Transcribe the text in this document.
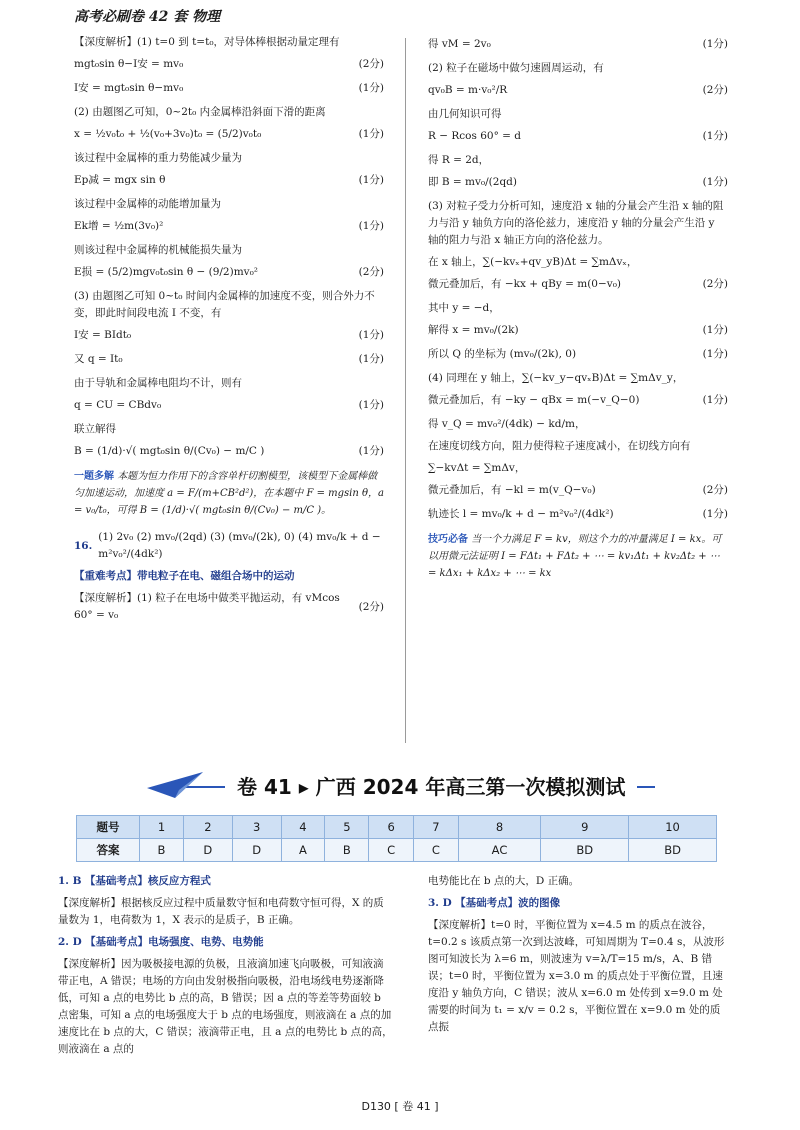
高考必刷卷 42 套 物理
【深度解析】(1) t=0 到 t=t₀，对导体棒根据动量定理有
mgt₀sin θ−I安 = mv₀	(2分)
I安 = mgt₀sin θ−mv₀	(1分)
(2) 由题图乙可知，0~2t₀ 内金属棒沿斜面下滑的距离
x = ½v₀t₀ + ½(v₀+3v₀)t₀ = (5/2)v₀t₀	(1分)
该过程中金属棒的重力势能减少量为
Ep减 = mgx sin θ	(1分)
该过程中金属棒的动能增加量为
Ek增 = ½m(3v₀)²	(1分)
则该过程中金属棒的机械能损失量为
E损 = (5/2)mgv₀t₀sin θ − (9/2)mv₀²	(2分)
(3) 由题图乙可知 0~t₀ 时间内金属棒的加速度不变，则合外力不变，即此时间段电流 I 不变，有
I安 = BIdt₀	(1分)
又 q = It₀	(1分)
由于导轨和金属棒电阻均不计，则有
q = CU = CBdv₀	(1分)
联立解得
B = (1/d)·√( mgt₀sin θ/(Cv₀) − m/C )	(1分)
一题多解 本题为恒力作用下的含容单杆切割模型，该模型下金属棒做匀加速运动，加速度 a = F/(m+CB²d²)，在本题中 F = mgsin θ，a = v₀/t₀，可得 B = (1/d)·√( mgt₀sin θ/(Cv₀) − m/C )。
16.
(1) 2v₀ (2) mv₀/(2qd) (3) (mv₀/(2k), 0) (4) mv₀/k + d − m²v₀²/(4dk²)
【重难考点】带电粒子在电、磁组合场中的运动
【深度解析】(1) 粒子在电场中做类平抛运动，有 vMcos 60° = v₀
(2分)
得 vM = 2v₀	(1分)
(2) 粒子在磁场中做匀速圆周运动，有
qv₀B = m·v₀²/R	(2分)
由几何知识可得
R − Rcos 60° = d	(1分)
得 R = 2d，
即 B = mv₀/(2qd)	(1分)
(3) 对粒子受力分析可知，速度沿 x 轴的分量会产生沿 x 轴的阻力与沿 y 轴负方向的洛伦兹力，速度沿 y 轴的分量会产生沿 y 轴的阻力与沿 x 轴正方向的洛伦兹力。
在 x 轴上，∑(−kvₓ+qv_yB)Δt = ∑mΔvₓ，
微元叠加后，有 −kx + qBy = m(0−v₀)	(2分)
其中 y = −d，
解得 x = mv₀/(2k)	(1分)
所以 Q 的坐标为 (mv₀/(2k), 0)	(1分)
(4) 同理在 y 轴上，∑(−kv_y−qvₓB)Δt = ∑mΔv_y，
微元叠加后，有 −ky − qBx = m(−v_Q−0)	(1分)
得 v_Q = mv₀²/(4dk) − kd/m，
在速度切线方向，阻力使得粒子速度减小，在切线方向有
∑−kvΔt = ∑mΔv，
微元叠加后，有 −kl = m(v_Q−v₀)	(2分)
轨迹长 l = mv₀/k + d − m²v₀²/(4dk²)	(1分)
技巧必备 当一个力满足 F = kv，则这个力的冲量满足 I = kx。可以用微元法证明 I = FΔt₁ + FΔt₂ + ⋯ = kv₁Δt₁ + kv₂Δt₂ + ⋯ = kΔx₁ + kΔx₂ + ⋯ = kx
卷 41 ▸ 广西 2024 年高三第一次模拟测试
题号	1	2	3	4	5	6	7	8	9	10
答案	B	D	D	A	B	C	C	AC	BD	BD

1. B 【基础考点】核反应方程式

【深度解析】根据核反应过程中质量数守恒和电荷数守恒可得，X 的质量数为 1，电荷数为 1，X 表示的是质子，B 正确。

2. D 【基础考点】电场强度、电势、电势能

【深度解析】因为吸极接电源的负极，且液滴加速飞向吸极，可知液滴带正电，A 错误；电场的方向由发射极指向吸极，沿电场线电势逐渐降低，可知 a 点的电势比 b 点的高，B 错误；因 a 点的等差等势面较 b 点密集，可知 a 点的电场强度大于 b 点的电场强度，则液滴在 a 点的加速度比在 b 点的大，C 错误；液滴带正电，且 a 点的电势比 b 点的高，则液滴在 a 点的

电势能比在 b 点的大，D 正确。

3. D 【基础考点】波的图像

【深度解析】t=0 时，平衡位置为 x=4.5 m 的质点在波谷，t=0.2 s 该质点第一次到达波峰，可知周期为 T=0.4 s，从波形图可知波长为 λ=6 m，则波速为 v=λ/T=15 m/s，A、B 错误；t=0 时，平衡位置为 x=3.0 m 的质点处于平衡位置，且速度沿 y 轴负方向，C 错误；波从 x=6.0 m 处传到 x=9.0 m 处需要的时间为 t₁ = x/v = 0.2 s，平衡位置在 x=9.0 m 处的质点振

D130 [ 卷 41 ]
